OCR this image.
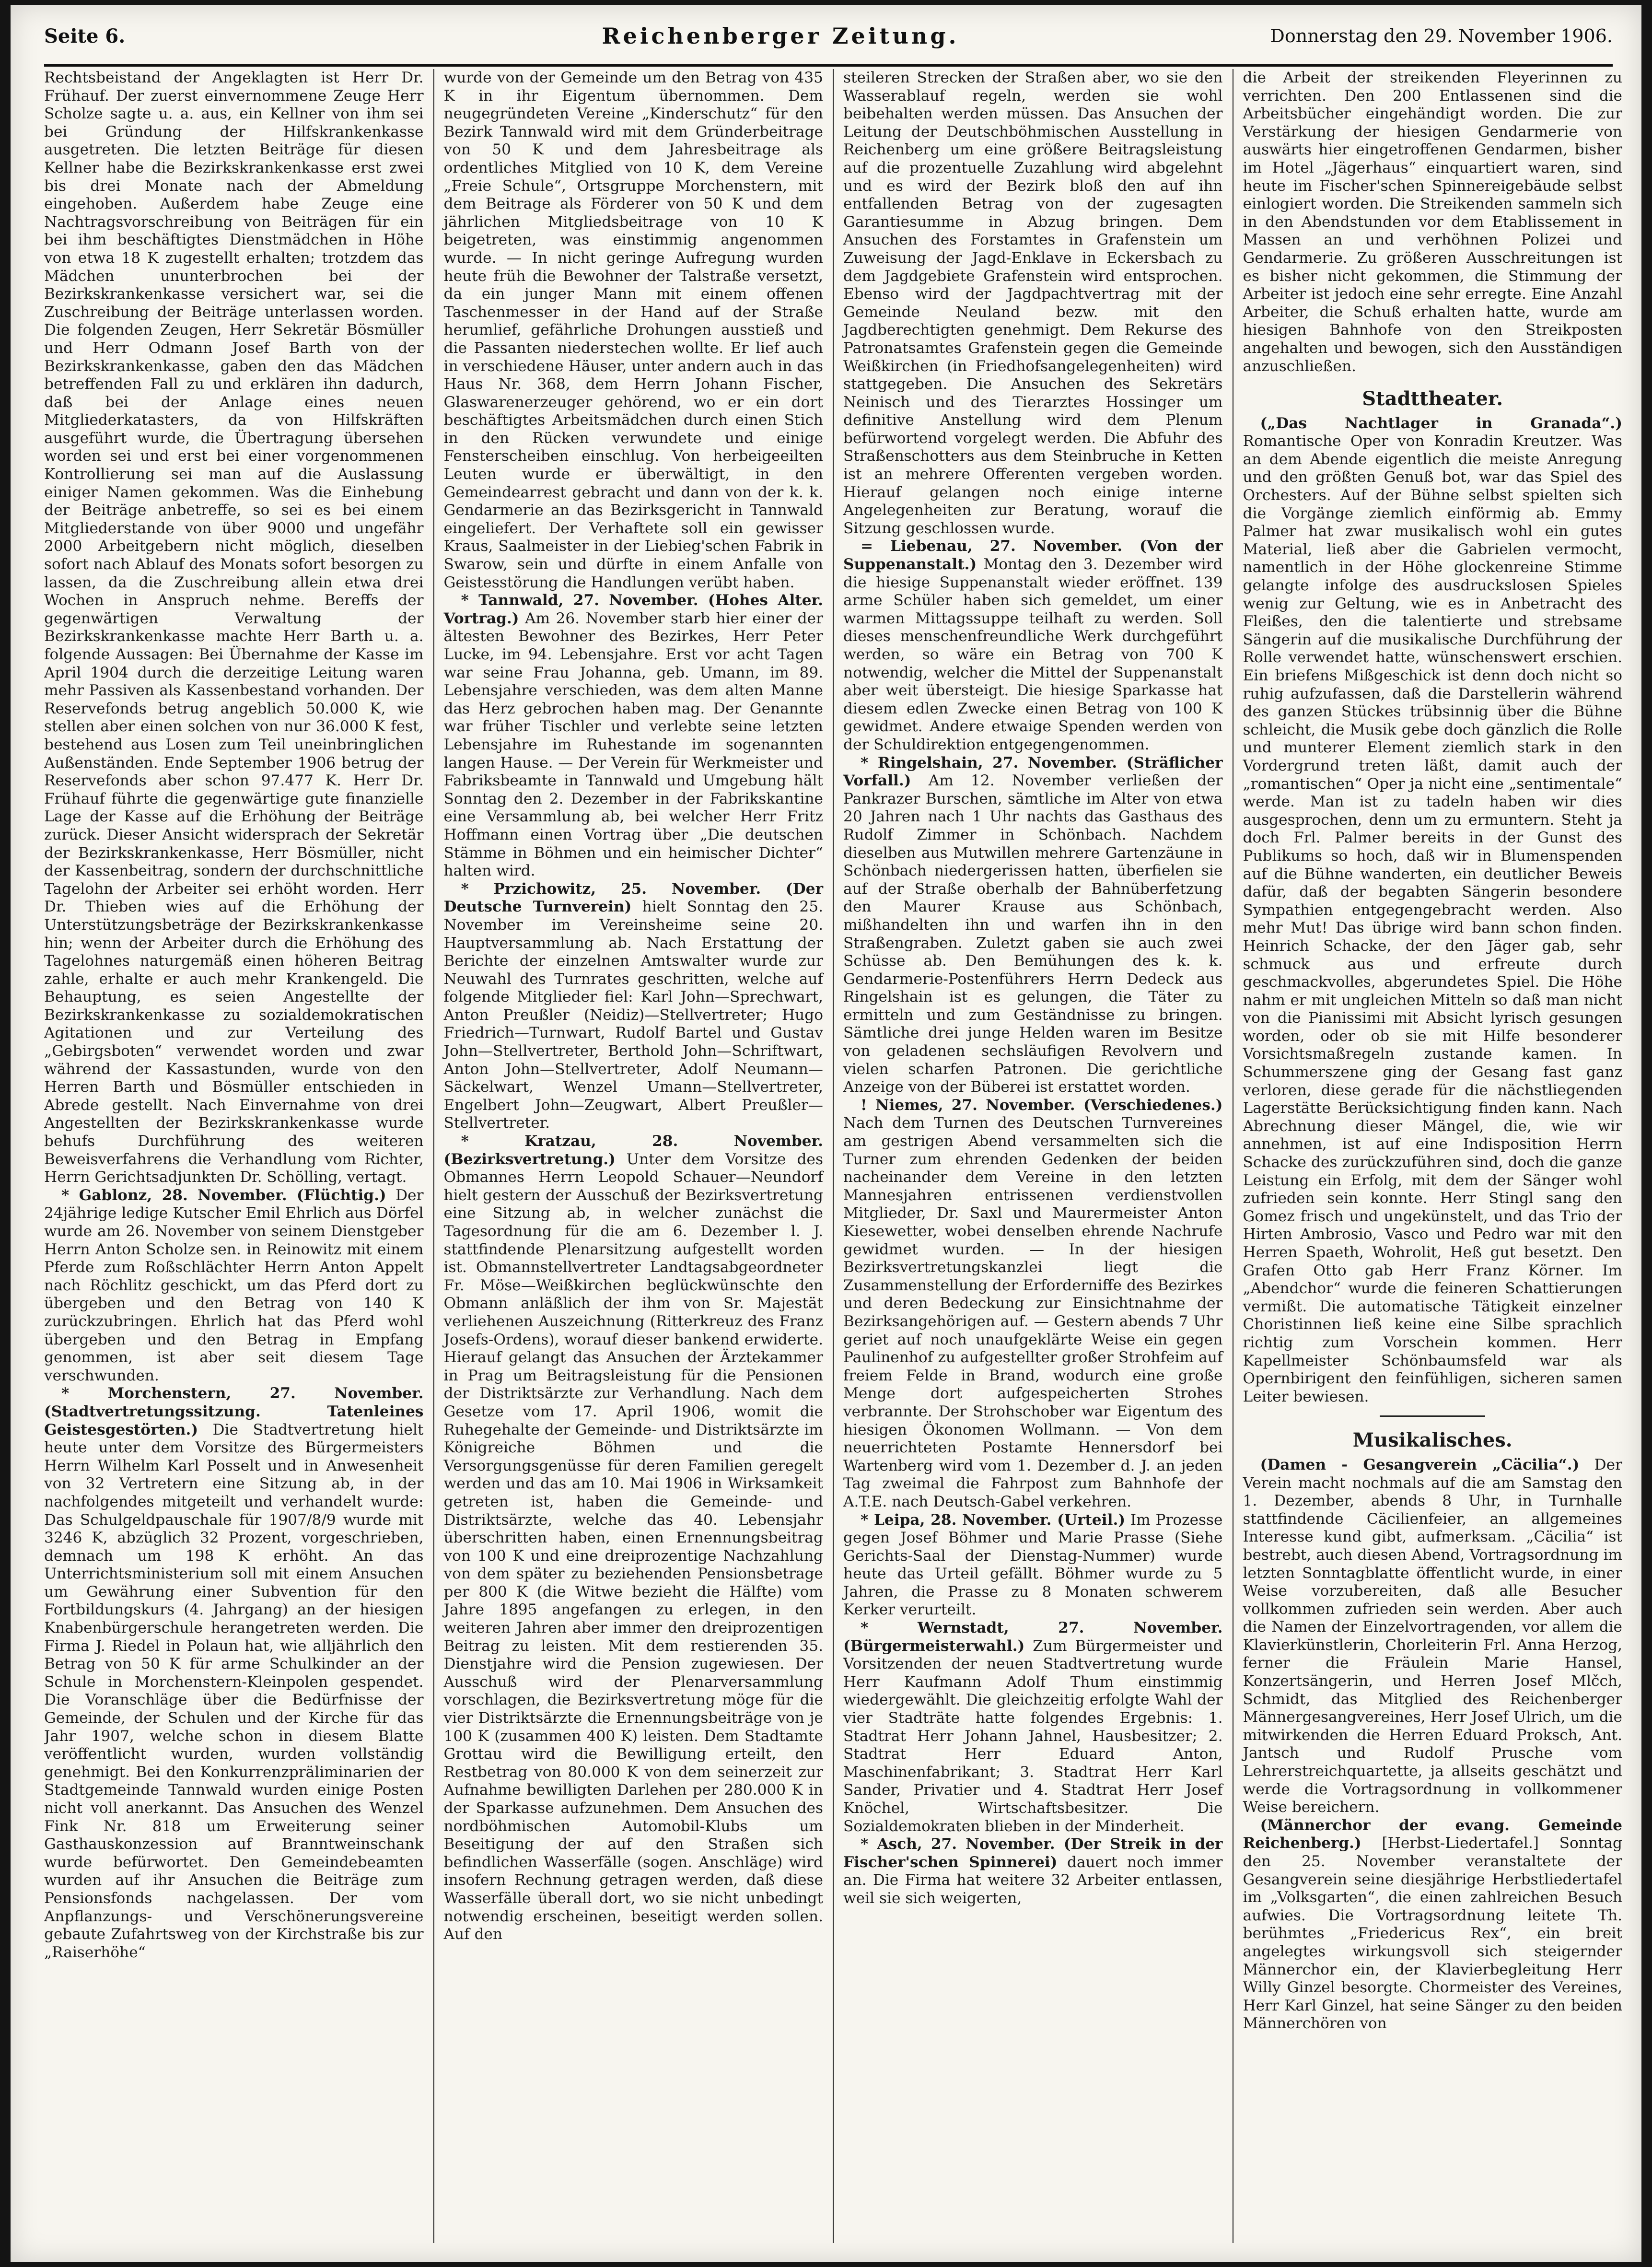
Seite 6.	Reichenberger Zeitung.	Donnerstag den 29. November 1906.

Rechtsbeistand der Angeklagten ist Herr Dr. Frühauf. Der zuerst einvernommene Zeuge Herr Scholze sagte u. a. aus, ein Kellner von ihm sei bei Gründung der Hilfskrankenkasse ausgetreten. Die letzten Beiträge für diesen Kellner habe die Bezirkskrankenkasse erst zwei bis drei Monate nach der Abmeldung eingehoben. Außerdem habe Zeuge eine Nachtragsvorschreibung von Beiträgen für ein bei ihm beschäftigtes Dienstmädchen in Höhe von etwa 18 K zugestellt erhalten; trotzdem das Mädchen ununterbrochen bei der Bezirkskrankenkasse versichert war, sei die Zuschreibung der Beiträge unterlassen worden. Die folgenden Zeugen, Herr Sekretär Bösmüller und Herr Odmann Josef Barth von der Bezirkskrankenkasse, gaben den das Mädchen betreffenden Fall zu und erklären ihn dadurch, daß bei der Anlage eines neuen Mitgliederkatasters, da von Hilfskräften ausgeführt wurde, die Übertragung übersehen worden sei und erst bei einer vorgenommenen Kontrollierung sei man auf die Auslassung einiger Namen gekommen. Was die Einhebung der Beiträge anbetreffe, so sei es bei einem Mitgliederstande von über 9000 und ungefähr 2000 Arbeitgebern nicht möglich, dieselben sofort nach Ablauf des Monats sofort besorgen zu lassen, da die Zuschreibung allein etwa drei Wochen in Anspruch nehme. Bereffs der gegenwärtigen Verwaltung der Bezirkskrankenkasse machte Herr Barth u. a. folgende Aussagen: Bei Übernahme der Kasse im April 1904 durch die derzeitige Leitung waren mehr Passiven als Kassenbestand vorhanden. Der Reservefonds betrug angeblich 50.000 K, wie stellen aber einen solchen von nur 36.000 K fest, bestehend aus Losen zum Teil uneinbringlichen Außenständen. Ende September 1906 betrug der Reservefonds aber schon 97.477 K. Herr Dr. Frühauf führte die gegenwärtige gute finanzielle Lage der Kasse auf die Erhöhung der Beiträge zurück. Dieser Ansicht widersprach der Sekretär der Bezirkskrankenkasse, Herr Bösmüller, nicht der Kassenbeitrag, sondern der durchschnittliche Tagelohn der Arbeiter sei erhöht worden. Herr Dr. Thieben wies auf die Erhöhung der Unterstützungsbeträge der Bezirkskrankenkasse hin; wenn der Arbeiter durch die Erhöhung des Tagelohnes naturgemäß einen höheren Beitrag zahle, erhalte er auch mehr Krankengeld. Die Behauptung, es seien Angestellte der Bezirkskrankenkasse zu sozialdemokratischen Agitationen und zur Verteilung des „Gebirgsboten“ verwendet worden und zwar während der Kassastunden, wurde von den Herren Barth und Bösmüller entschieden in Abrede gestellt. Nach Einvernahme von drei Angestellten der Bezirkskrankenkasse wurde behufs Durchführung des weiteren Beweisverfahrens die Verhandlung vom Richter, Herrn Gerichtsadjunkten Dr. Schölling, vertagt.

* Gablonz, 28. November. (Flüchtig.) Der 24jährige ledige Kutscher Emil Ehrlich aus Dörfel wurde am 26. November von seinem Dienstgeber Herrn Anton Scholze sen. in Reinowitz mit einem Pferde zum Roßschlächter Herrn Anton Appelt nach Röchlitz geschickt, um das Pferd dort zu übergeben und den Betrag von 140 K zurückzubringen. Ehrlich hat das Pferd wohl übergeben und den Betrag in Empfang genommen, ist aber seit diesem Tage verschwunden.

* Morchenstern, 27. November. (Stadtvertretungssitzung. Tatenleines Geistesgestörten.) Die Stadtvertretung hielt heute unter dem Vorsitze des Bürgermeisters Herrn Wilhelm Karl Posselt und in Anwesenheit von 32 Vertretern eine Sitzung ab, in der nachfolgendes mitgeteilt und verhandelt wurde: Das Schulgeldpauschale für 1907/8/9 wurde mit 3246 K, abzüglich 32 Prozent, vorgeschrieben, demnach um 198 K erhöht. An das Unterrichtsministerium soll mit einem Ansuchen um Gewährung einer Subvention für den Fortbildungskurs (4. Jahrgang) an der hiesigen Knabenbürgerschule herangetreten werden. Die Firma J. Riedel in Polaun hat, wie alljährlich den Betrag von 50 K für arme Schulkinder an der Schule in Morchenstern-Kleinpolen gespendet. Die Voranschläge über die Bedürfnisse der Gemeinde, der Schulen und der Kirche für das Jahr 1907, welche schon in diesem Blatte veröffentlicht wurden, wurden vollständig genehmigt. Bei den Konkurrenzpräliminarien der Stadtgemeinde Tannwald wurden einige Posten nicht voll anerkannt. Das Ansuchen des Wenzel Fink Nr. 818 um Erweiterung seiner Gasthauskonzession auf Branntweinschank wurde befürwortet. Den Gemeindebeamten wurden auf ihr Ansuchen die Beiträge zum Pensionsfonds nachgelassen. Der vom Anpflanzungs- und Verschönerungsvereine gebaute Zufahrtsweg von der Kirchstraße bis zur „Raiserhöhe“

wurde von der Gemeinde um den Betrag von 435 K in ihr Eigentum übernommen. Dem neugegründeten Vereine „Kinderschutz“ für den Bezirk Tannwald wird mit dem Gründerbeitrage von 50 K und dem Jahresbeitrage als ordentliches Mitglied von 10 K, dem Vereine „Freie Schule“, Ortsgruppe Morchenstern, mit dem Beitrage als Förderer von 50 K und dem jährlichen Mitgliedsbeitrage von 10 K beigetreten, was einstimmig angenommen wurde. — In nicht geringe Aufregung wurden heute früh die Bewohner der Talstraße versetzt, da ein junger Mann mit einem offenen Taschenmesser in der Hand auf der Straße herumlief, gefährliche Drohungen ausstieß und die Passanten niederstechen wollte. Er lief auch in verschiedene Häuser, unter andern auch in das Haus Nr. 368, dem Herrn Johann Fischer, Glaswarenerzeuger gehörend, wo er ein dort beschäftigtes Arbeitsmädchen durch einen Stich in den Rücken verwundete und einige Fensterscheiben einschlug. Von herbeigeeilten Leuten wurde er überwältigt, in den Gemeindearrest gebracht und dann von der k. k. Gendarmerie an das Bezirksgericht in Tannwald eingeliefert. Der Verhaftete soll ein gewisser Kraus, Saalmeister in der Liebieg'schen Fabrik in Swarow, sein und dürfte in einem Anfalle von Geistesstörung die Handlungen verübt haben.

* Tannwald, 27. November. (Hohes Alter. Vortrag.) Am 26. November starb hier einer der ältesten Bewohner des Bezirkes, Herr Peter Lucke, im 94. Lebensjahre. Erst vor acht Tagen war seine Frau Johanna, geb. Umann, im 89. Lebensjahre verschieden, was dem alten Manne das Herz gebrochen haben mag. Der Genannte war früher Tischler und verlebte seine letzten Lebensjahre im Ruhestande im sogenannten langen Hause. — Der Verein für Werkmeister und Fabriksbeamte in Tannwald und Umgebung hält Sonntag den 2. Dezember in der Fabrikskantine eine Versammlung ab, bei welcher Herr Fritz Hoffmann einen Vortrag über „Die deutschen Stämme in Böhmen und ein heimischer Dichter“ halten wird.

* Przichowitz, 25. November. (Der Deutsche Turnverein) hielt Sonntag den 25. November im Vereinsheime seine 20. Hauptversammlung ab. Nach Erstattung der Berichte der einzelnen Amtswalter wurde zur Neuwahl des Turnrates geschritten, welche auf folgende Mitglieder fiel: Karl John—Sprechwart, Anton Preußler (Neidiz)—Stellvertreter; Hugo Friedrich—Turnwart, Rudolf Bartel und Gustav John—Stellvertreter, Berthold John—Schriftwart, Anton John—Stellvertreter, Adolf Neumann—Säckelwart, Wenzel Umann—Stellvertreter, Engelbert John—Zeugwart, Albert Preußler—Stellvertreter.

* Kratzau, 28. November. (Bezirksvertretung.) Unter dem Vorsitze des Obmannes Herrn Leopold Schauer—Neundorf hielt gestern der Ausschuß der Bezirksvertretung eine Sitzung ab, in welcher zunächst die Tagesordnung für die am 6. Dezember l. J. stattfindende Plenarsitzung aufgestellt worden ist. Obmannstellvertreter Landtagsabgeordneter Fr. Möse—Weißkirchen beglückwünschte den Obmann anläßlich der ihm von Sr. Majestät verliehenen Auszeichnung (Ritterkreuz des Franz Josefs-Ordens), worauf dieser bankend erwiderte. Hierauf gelangt das Ansuchen der Ärztekammer in Prag um Beitragsleistung für die Pensionen der Distriktsärzte zur Verhandlung. Nach dem Gesetze vom 17. April 1906, womit die Ruhegehalte der Gemeinde- und Distriktsärzte im Königreiche Böhmen und die Versorgungsgenüsse für deren Familien geregelt werden und das am 10. Mai 1906 in Wirksamkeit getreten ist, haben die Gemeinde- und Distriktsärzte, welche das 40. Lebensjahr überschritten haben, einen Ernennungsbeitrag von 100 K und eine dreiprozentige Nachzahlung von dem später zu beziehenden Pensionsbetrage per 800 K (die Witwe bezieht die Hälfte) vom Jahre 1895 angefangen zu erlegen, in den weiteren Jahren aber immer den dreiprozentigen Beitrag zu leisten. Mit dem restierenden 35. Dienstjahre wird die Pension zugewiesen. Der Ausschuß wird der Plenarversammlung vorschlagen, die Bezirksvertretung möge für die vier Distriktsärzte die Ernennungsbeiträge von je 100 K (zusammen 400 K) leisten. Dem Stadtamte Grottau wird die Bewilligung erteilt, den Restbetrag von 80.000 K von dem seinerzeit zur Aufnahme bewilligten Darlehen per 280.000 K in der Sparkasse aufzunehmen. Dem Ansuchen des nordböhmischen Automobil-Klubs um Beseitigung der auf den Straßen sich befindlichen Wasserfälle (sogen. Anschläge) wird insofern Rechnung getragen werden, daß diese Wasserfälle überall dort, wo sie nicht unbedingt notwendig erscheinen, beseitigt werden sollen. Auf den

steileren Strecken der Straßen aber, wo sie den Wasserablauf regeln, werden sie wohl beibehalten werden müssen. Das Ansuchen der Leitung der Deutschböhmischen Ausstellung in Reichenberg um eine größere Beitragsleistung auf die prozentuelle Zuzahlung wird abgelehnt und es wird der Bezirk bloß den auf ihn entfallenden Betrag von der zugesagten Garantiesumme in Abzug bringen. Dem Ansuchen des Forstamtes in Grafenstein um Zuweisung der Jagd-Enklave in Eckersbach zu dem Jagdgebiete Grafenstein wird entsprochen. Ebenso wird der Jagdpachtvertrag mit der Gemeinde Neuland bezw. mit den Jagdberechtigten genehmigt. Dem Rekurse des Patronatsamtes Grafenstein gegen die Gemeinde Weißkirchen (in Friedhofsangelegenheiten) wird stattgegeben. Die Ansuchen des Sekretärs Neinisch und des Tierarztes Hossinger um definitive Anstellung wird dem Plenum befürwortend vorgelegt werden. Die Abfuhr des Straßenschotters aus dem Steinbruche in Ketten ist an mehrere Offerenten vergeben worden. Hierauf gelangen noch einige interne Angelegenheiten zur Beratung, worauf die Sitzung geschlossen wurde.

= Liebenau, 27. November. (Von der Suppenanstalt.) Montag den 3. Dezember wird die hiesige Suppenanstalt wieder eröffnet. 139 arme Schüler haben sich gemeldet, um einer warmen Mittagssuppe teilhaft zu werden. Soll dieses menschenfreundliche Werk durchgeführt werden, so wäre ein Betrag von 700 K notwendig, welcher die Mittel der Suppenanstalt aber weit übersteigt. Die hiesige Sparkasse hat diesem edlen Zwecke einen Betrag von 100 K gewidmet. Andere etwaige Spenden werden von der Schuldirektion entgegengenommen.

* Ringelshain, 27. November. (Sträflicher Vorfall.) Am 12. November verließen der Pankrazer Burschen, sämtliche im Alter von etwa 20 Jahren nach 1 Uhr nachts das Gasthaus des Rudolf Zimmer in Schönbach. Nachdem dieselben aus Mutwillen mehrere Gartenzäune in Schönbach niedergerissen hatten, überfielen sie auf der Straße oberhalb der Bahnüberfetzung den Maurer Krause aus Schönbach, mißhandelten ihn und warfen ihn in den Straßengraben. Zuletzt gaben sie auch zwei Schüsse ab. Den Bemühungen des k. k. Gendarmerie-Postenführers Herrn Dedeck aus Ringelshain ist es gelungen, die Täter zu ermitteln und zum Geständnisse zu bringen. Sämtliche drei junge Helden waren im Besitze von geladenen sechsläufigen Revolvern und vielen scharfen Patronen. Die gerichtliche Anzeige von der Büberei ist erstattet worden.

! Niemes, 27. November. (Verschiedenes.) Nach dem Turnen des Deutschen Turnvereines am gestrigen Abend versammelten sich die Turner zum ehrenden Gedenken der beiden nacheinander dem Vereine in den letzten Mannesjahren entrissenen verdienstvollen Mitglieder, Dr. Saxl und Maurermeister Anton Kiesewetter, wobei denselben ehrende Nachrufe gewidmet wurden. — In der hiesigen Bezirksvertretungskanzlei liegt die Zusammenstellung der Erforderniffe des Bezirkes und deren Bedeckung zur Einsichtnahme der Bezirksangehörigen auf. — Gestern abends 7 Uhr geriet auf noch unaufgeklärte Weise ein gegen Paulinenhof zu aufgestellter großer Strohfeim auf freiem Felde in Brand, wodurch eine große Menge dort aufgespeicherten Strohes verbrannte. Der Strohschober war Eigentum des hiesigen Ökonomen Wollmann. — Von dem neuerrichteten Postamte Hennersdorf bei Wartenberg wird vom 1. Dezember d. J. an jeden Tag zweimal die Fahrpost zum Bahnhofe der A.T.E. nach Deutsch-Gabel verkehren.

* Leipa, 28. November. (Urteil.) Im Prozesse gegen Josef Böhmer und Marie Prasse (Siehe Gerichts-Saal der Dienstag-Nummer) wurde heute das Urteil gefällt. Böhmer wurde zu 5 Jahren, die Prasse zu 8 Monaten schwerem Kerker verurteilt.

* Wernstadt, 27. November. (Bürgermeisterwahl.) Zum Bürgermeister und Vorsitzenden der neuen Stadtvertretung wurde Herr Kaufmann Adolf Thum einstimmig wiedergewählt. Die gleichzeitig erfolgte Wahl der vier Stadträte hatte folgendes Ergebnis: 1. Stadtrat Herr Johann Jahnel, Hausbesitzer; 2. Stadtrat Herr Eduard Anton, Maschinenfabrikant; 3. Stadtrat Herr Karl Sander, Privatier und 4. Stadtrat Herr Josef Knöchel, Wirtschaftsbesitzer. Die Sozialdemokraten blieben in der Minderheit.

* Asch, 27. November. (Der Streik in der Fischer'schen Spinnerei) dauert noch immer an. Die Firma hat weitere 32 Arbeiter entlassen, weil sie sich weigerten,

die Arbeit der streikenden Fleyerinnen zu verrichten. Den 200 Entlassenen sind die Arbeitsbücher eingehändigt worden. Die zur Verstärkung der hiesigen Gendarmerie von auswärts hier eingetroffenen Gendarmen, bisher im Hotel „Jägerhaus“ einquartiert waren, sind heute im Fischer'schen Spinnereigebäude selbst einlogiert worden. Die Streikenden sammeln sich in den Abendstunden vor dem Etablissement in Massen an und verhöhnen Polizei und Gendarmerie. Zu größeren Ausschreitungen ist es bisher nicht gekommen, die Stimmung der Arbeiter ist jedoch eine sehr erregte. Eine Anzahl Arbeiter, die Schuß erhalten hatte, wurde am hiesigen Bahnhofe von den Streikposten angehalten und bewogen, sich den Ausständigen anzuschließen.

Stadttheater.

(„Das Nachtlager in Granada“.) Romantische Oper von Konradin Kreutzer. Was an dem Abende eigentlich die meiste Anregung und den größten Genuß bot, war das Spiel des Orchesters. Auf der Bühne selbst spielten sich die Vorgänge ziemlich einförmig ab. Emmy Palmer hat zwar musikalisch wohl ein gutes Material, ließ aber die Gabrielen vermocht, namentlich in der Höhe glockenreine Stimme gelangte infolge des ausdruckslosen Spieles wenig zur Geltung, wie es in Anbetracht des Fleißes, den die talentierte und strebsame Sängerin auf die musikalische Durchführung der Rolle verwendet hatte, wünschenswert erschien. Ein briefens Mißgeschick ist denn doch nicht so ruhig aufzufassen, daß die Darstellerin während des ganzen Stückes trübsinnig über die Bühne schleicht, die Musik gebe doch gänzlich die Rolle und munterer Element ziemlich stark in den Vordergrund treten läßt, damit auch der „romantischen“ Oper ja nicht eine „sentimentale“ werde. Man ist zu tadeln haben wir dies ausgesprochen, denn um zu ermuntern. Steht ja doch Frl. Palmer bereits in der Gunst des Publikums so hoch, daß wir in Blumenspenden auf die Bühne wanderten, ein deutlicher Beweis dafür, daß der begabten Sängerin besondere Sympathien entgegengebracht werden. Also mehr Mut! Das übrige wird bann schon finden. Heinrich Schacke, der den Jäger gab, sehr schmuck aus und erfreute durch geschmackvolles, abgerundetes Spiel. Die Höhe nahm er mit ungleichen Mitteln so daß man nicht von die Pianissimi mit Absicht lyrisch gesungen worden, oder ob sie mit Hilfe besonderer Vorsichtsmaßregeln zustande kamen. In Schummerszene ging der Gesang fast ganz verloren, diese gerade für die nächstliegenden Lagerstätte Berücksichtigung finden kann. Nach Abrechnung dieser Mängel, die, wie wir annehmen, ist auf eine Indisposition Herrn Schacke des zurückzuführen sind, doch die ganze Leistung ein Erfolg, mit dem der Sänger wohl zufrieden sein konnte. Herr Stingl sang den Gomez frisch und ungekünstelt, und das Trio der Hirten Ambrosio, Vasco und Pedro war mit den Herren Spaeth, Wohrolit, Heß gut besetzt. Den Grafen Otto gab Herr Franz Körner. Im „Abendchor“ wurde die feineren Schattierungen vermißt. Die automatische Tätigkeit einzelner Choristinnen ließ keine eine Silbe sprachlich richtig zum Vorschein kommen. Herr Kapellmeister Schönbaumsfeld war als Opernbirigent den feinfühligen, sicheren samen Leiter bewiesen.

Musikalisches.

(Damen - Gesangverein „Cäcilia“.) Der Verein macht nochmals auf die am Samstag den 1. Dezember, abends 8 Uhr, in Turnhalle stattfindende Cäcilienfeier, an allgemeines Interesse kund gibt, aufmerksam. „Cäcilia“ ist bestrebt, auch diesen Abend, Vortragsordnung im letzten Sonntagblatte öffentlicht wurde, in einer Weise vorzubereiten, daß alle Besucher vollkommen zufrieden sein werden. Aber auch die Namen der Einzelvortragenden, vor allem die Klavierkünstlerin, Chorleiterin Frl. Anna Herzog, ferner die Fräulein Marie Hansel, Konzertsängerin, und Herren Josef Mlčch, Schmidt, das Mitglied des Reichenberger Männergesangvereines, Herr Josef Ulrich, um die mitwirkenden die Herren Eduard Proksch, Ant. Jantsch und Rudolf Prusche vom Lehrerstreichquartette, ja allseits geschätzt und werde die Vortragsordnung in vollkommener Weise bereichern.

(Männerchor der evang. Gemeinde Reichenberg.) [Herbst-Liedertafel.] Sonntag den 25. November veranstaltete der Gesangverein seine diesjährige Herbstliedertafel im „Volksgarten“, die einen zahlreichen Besuch aufwies. Die Vortragsordnung leitete Th. berühmtes „Friedericus Rex“, ein breit angelegtes wirkungsvoll sich steigernder Männerchor ein, der Klavierbegleitung Herr Willy Ginzel besorgte. Chormeister des Vereines, Herr Karl Ginzel, hat seine Sänger zu den beiden Männerchören von
